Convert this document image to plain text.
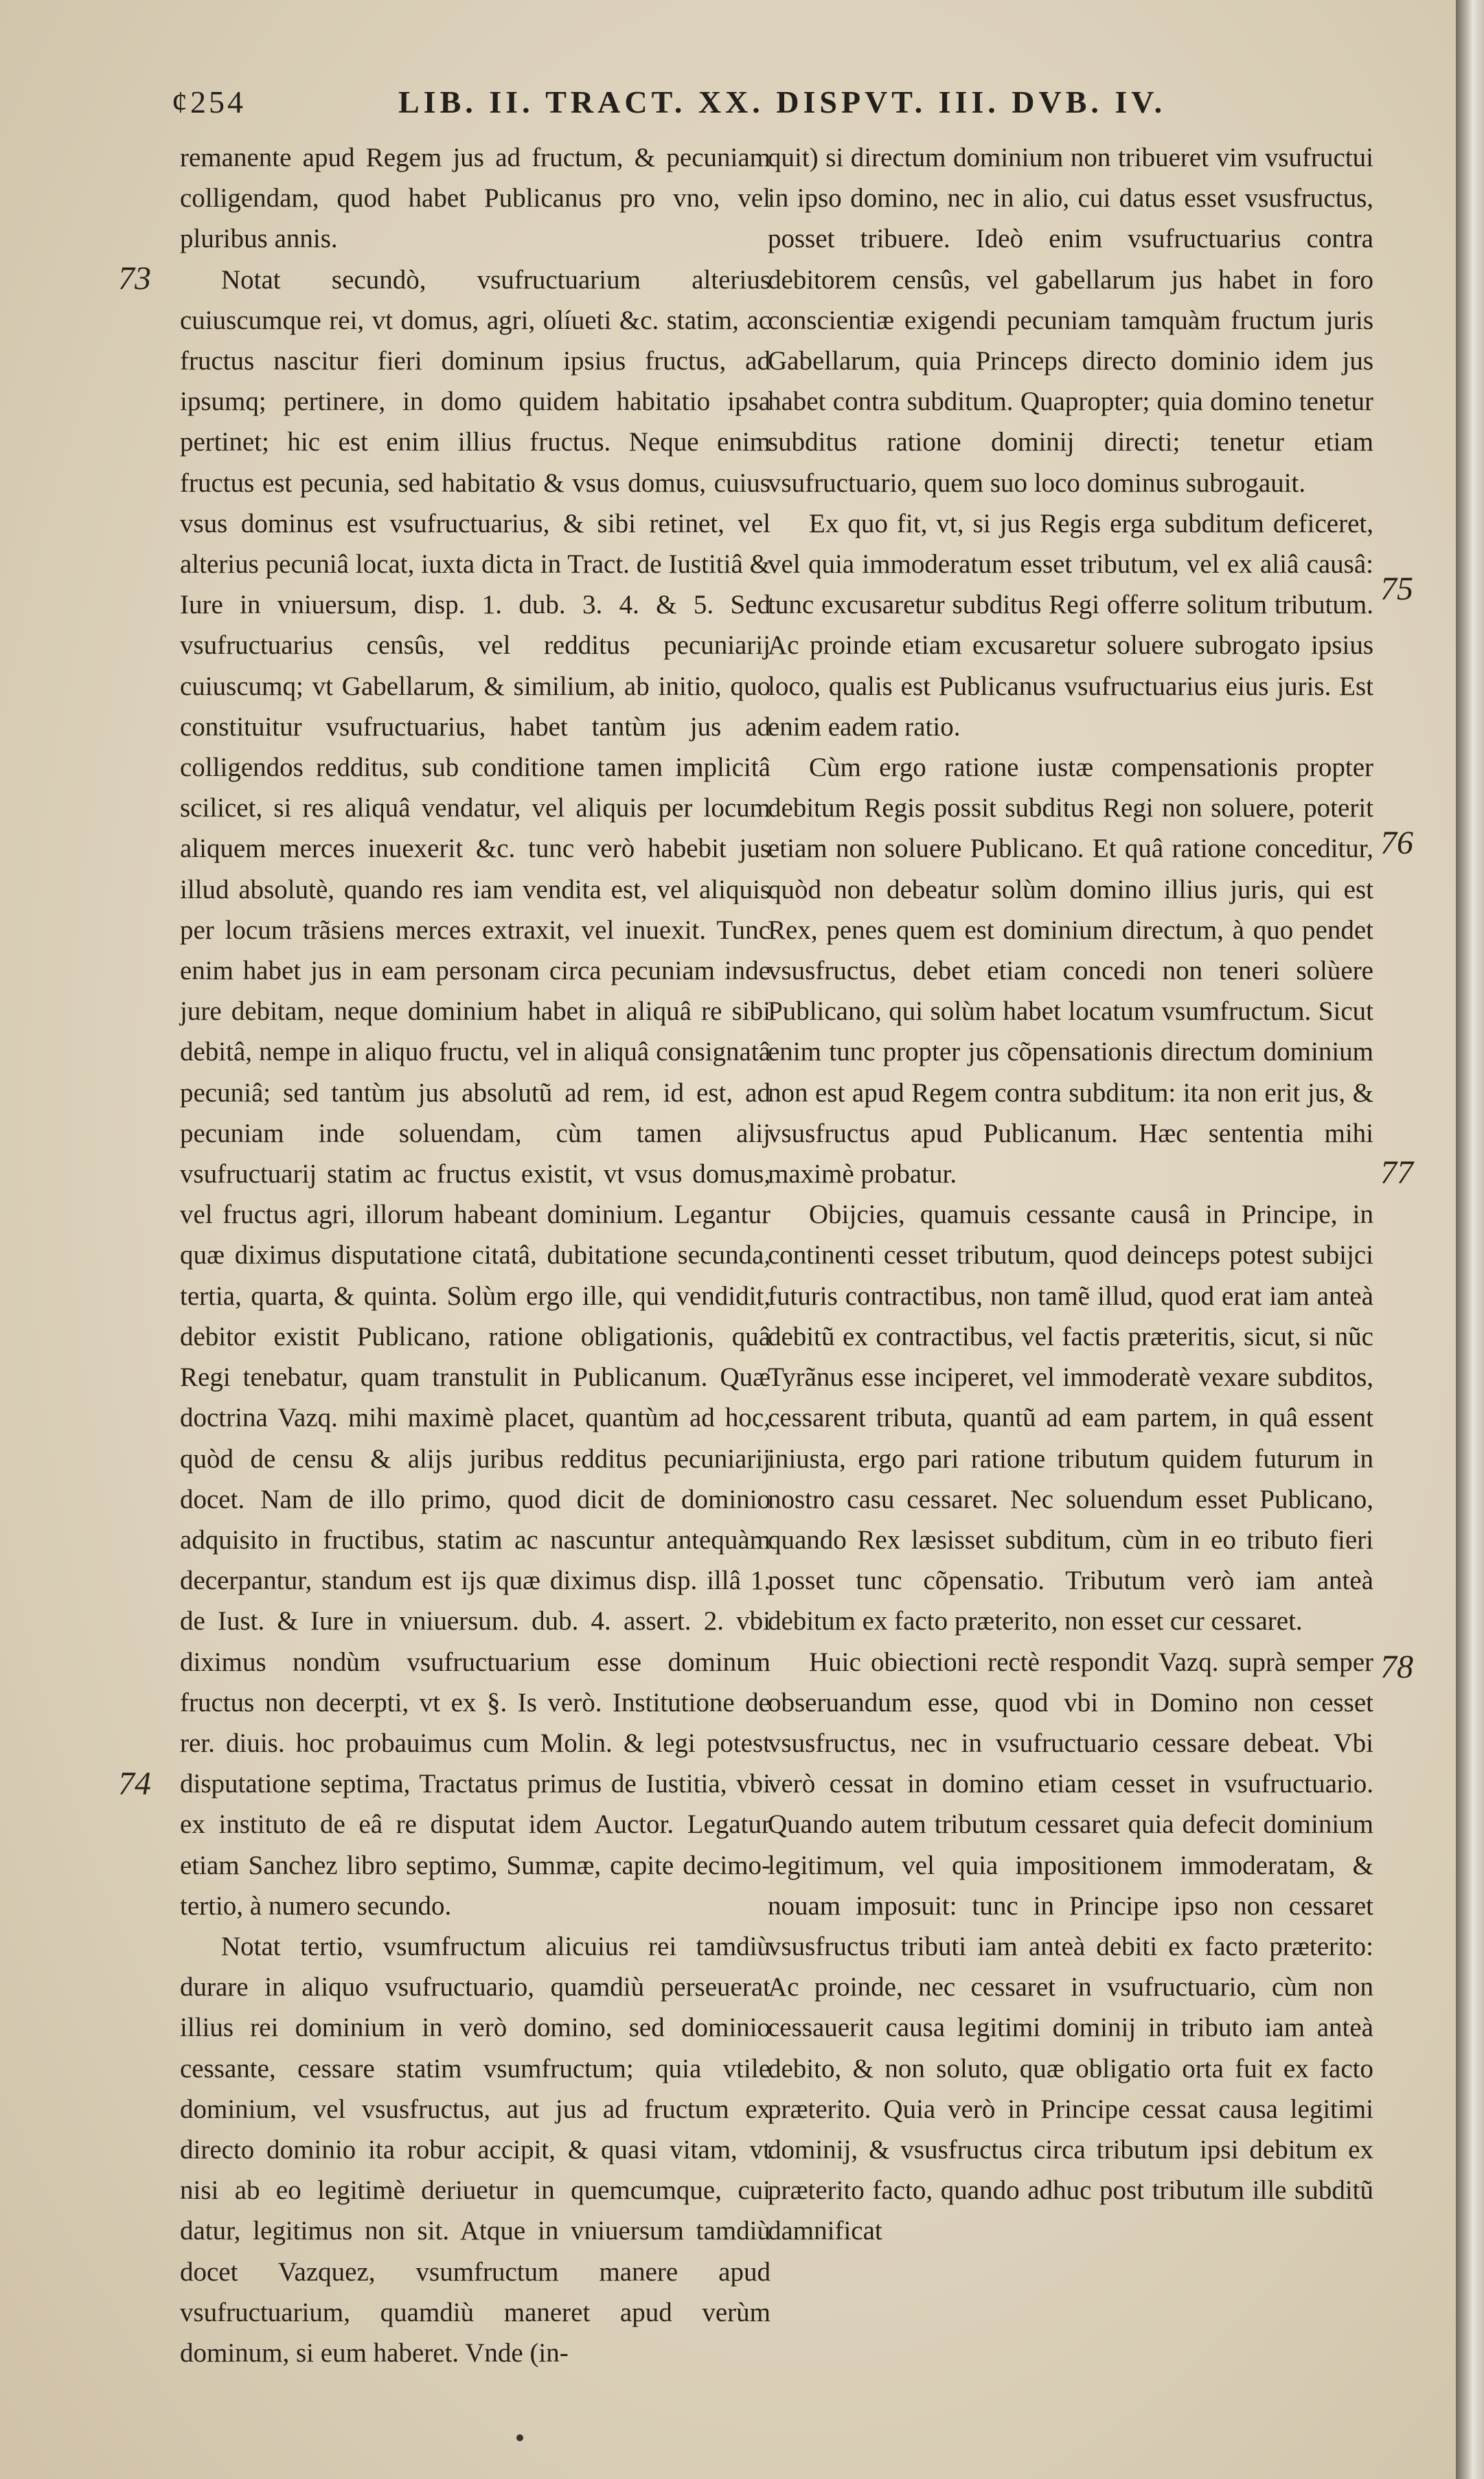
¢254	LIB. II. TRACT. XX. DISPVT. III. DVB. IV.

remanente apud Regem jus ad fructum, & pecuniam colligendam, quod habet Publicanus pro vno, vel pluribus annis.

Notat secundò, vsufructuarium alterius cuiuscumque rei, vt domus, agri, olíueti &c. statim, ac fructus nascitur fieri dominum ipsius fructus, ad ipsumq; pertinere, in domo quidem habitatio ipsa pertinet; hic est enim illius fructus. Neque enim fructus est pecunia, sed habitatio & vsus domus, cuius vsus dominus est vsufructuarius, & sibi retinet, vel alterius pecuniâ locat, iuxta dicta in Tract. de Iustitiâ & Iure in vniuersum, disp. 1. dub. 3. 4. & 5. Sed vsufructuarius censûs, vel redditus pecuniarij cuiuscumq; vt Gabellarum, & similium, ab initio, quo constituitur vsufructuarius, habet tantùm jus ad colligendos redditus, sub conditione tamen implicitâ scilicet, si res aliquâ vendatur, vel aliquis per locum aliquem merces inuexerit &c. tunc verò habebit jus illud absolutè, quando res iam vendita est, vel aliquis per locum trãsiens merces extraxit, vel inuexit. Tunc enim habet jus in eam personam circa pecuniam inde jure debitam, neque dominium habet in aliquâ re sibi debitâ, nempe in aliquo fructu, vel in aliquâ consignatâ pecuniâ; sed tantùm jus absolutũ ad rem, id est, ad pecuniam inde soluendam, cùm tamen alij vsufructuarij statim ac fructus existit, vt vsus domus, vel fructus agri, illorum habeant dominium. Legantur quæ diximus disputatione citatâ, dubitatione secunda, tertia, quarta, & quinta. Solùm ergo ille, qui vendidit, debitor existit Publicano, ratione obligationis, quâ Regi tenebatur, quam transtulit in Publicanum. Quæ doctrina Vazq. mihi maximè placet, quantùm ad hoc, quòd de censu & alijs juribus redditus pecuniarij docet. Nam de illo primo, quod dicit de dominio adquisito in fructibus, statim ac nascuntur antequàm decerpantur, standum est ijs quæ diximus disp. illâ 1. de Iust. & Iure in vniuersum. dub. 4. assert. 2. vbi diximus nondùm vsufructuarium esse dominum fructus non decerpti, vt ex §. Is verò. Institutione de rer. diuis. hoc probauimus cum Molin. & legi potest disputatione septima, Tractatus primus de Iustitia, vbi ex instituto de eâ re disputat idem Auctor. Legatur etiam Sanchez libro septimo, Summæ, capite decimo-tertio, à numero secundo.

Notat tertio, vsumfructum alicuius rei tamdiù durare in aliquo vsufructuario, quamdiù perseuerat illius rei dominium in verò domino, sed dominio cessante, cessare statim vsumfructum; quia vtile dominium, vel vsusfructus, aut jus ad fructum ex directo dominio ita robur accipit, & quasi vitam, vt nisi ab eo legitimè deriuetur in quemcumque, cui datur, legitimus non sit. Atque in vniuersum tamdiù docet Vazquez, vsumfructum manere apud vsufructuarium, quamdiù maneret apud verùm dominum, si eum haberet. Vnde (in-

quit) si directum dominium non tribueret vim vsufructui in ipso domino, nec in alio, cui datus esset vsusfructus, posset tribuere. Ideò enim vsufructuarius contra debitorem censûs, vel gabellarum jus habet in foro conscientiæ exigendi pecuniam tamquàm fructum juris Gabellarum, quia Princeps directo dominio idem jus habet contra subditum. Quapropter; quia domino tenetur subditus ratione dominij directi; tenetur etiam vsufructuario, quem suo loco dominus subrogauit.

Ex quo fit, vt, si jus Regis erga subditum deficeret, vel quia immoderatum esset tributum, vel ex aliâ causâ: tunc excusaretur subditus Regi offerre solitum tributum. Ac proinde etiam excusaretur soluere subrogato ipsius loco, qualis est Publicanus vsufructuarius eius juris. Est enim eadem ratio.

Cùm ergo ratione iustæ compensationis propter debitum Regis possit subditus Regi non soluere, poterit etiam non soluere Publicano. Et quâ ratione conceditur, quòd non debeatur solùm domino illius juris, qui est Rex, penes quem est dominium directum, à quo pendet vsusfructus, debet etiam concedi non teneri solùere Publicano, qui solùm habet locatum vsumfructum. Sicut enim tunc propter jus cõpensationis directum dominium non est apud Regem contra subditum: ita non erit jus, & vsusfructus apud Publicanum. Hæc sententia mihi maximè probatur.

Obijcies, quamuis cessante causâ in Principe, in continenti cesset tributum, quod deinceps potest subijci futuris contractibus, non tamẽ illud, quod erat iam anteà debitũ ex contractibus, vel factis præteritis, sicut, si nũc Tyrãnus esse inciperet, vel immoderatè vexare subditos, cessarent tributa, quantũ ad eam partem, in quâ essent iniusta, ergo pari ratione tributum quidem futurum in nostro casu cessaret. Nec soluendum esset Publicano, quando Rex læsisset subditum, cùm in eo tributo fieri posset tunc cõpensatio. Tributum verò iam anteà debitum ex facto præterito, non esset cur cessaret.

Huic obiectioni rectè respondit Vazq. suprà semper obseruandum esse, quod vbi in Domino non cesset vsusfructus, nec in vsufructuario cessare debeat. Vbi verò cessat in domino etiam cesset in vsufructuario. Quando autem tributum cessaret quia defecit dominium legitimum, vel quia impositionem immoderatam, & nouam imposuit: tunc in Principe ipso non cessaret vsusfructus tributi iam anteà debiti ex facto præterito: Ac proinde, nec cessaret in vsufructuario, cùm non cessauerit causa legitimi dominij in tributo iam anteà debito, & non soluto, quæ obligatio orta fuit ex facto præterito. Quia verò in Principe cessat causa legitimi dominij, & vsusfructus circa tributum ipsi debitum ex præterito facto, quando adhuc post tributum ille subditũ damnificat

73
74
75
76
77
78
